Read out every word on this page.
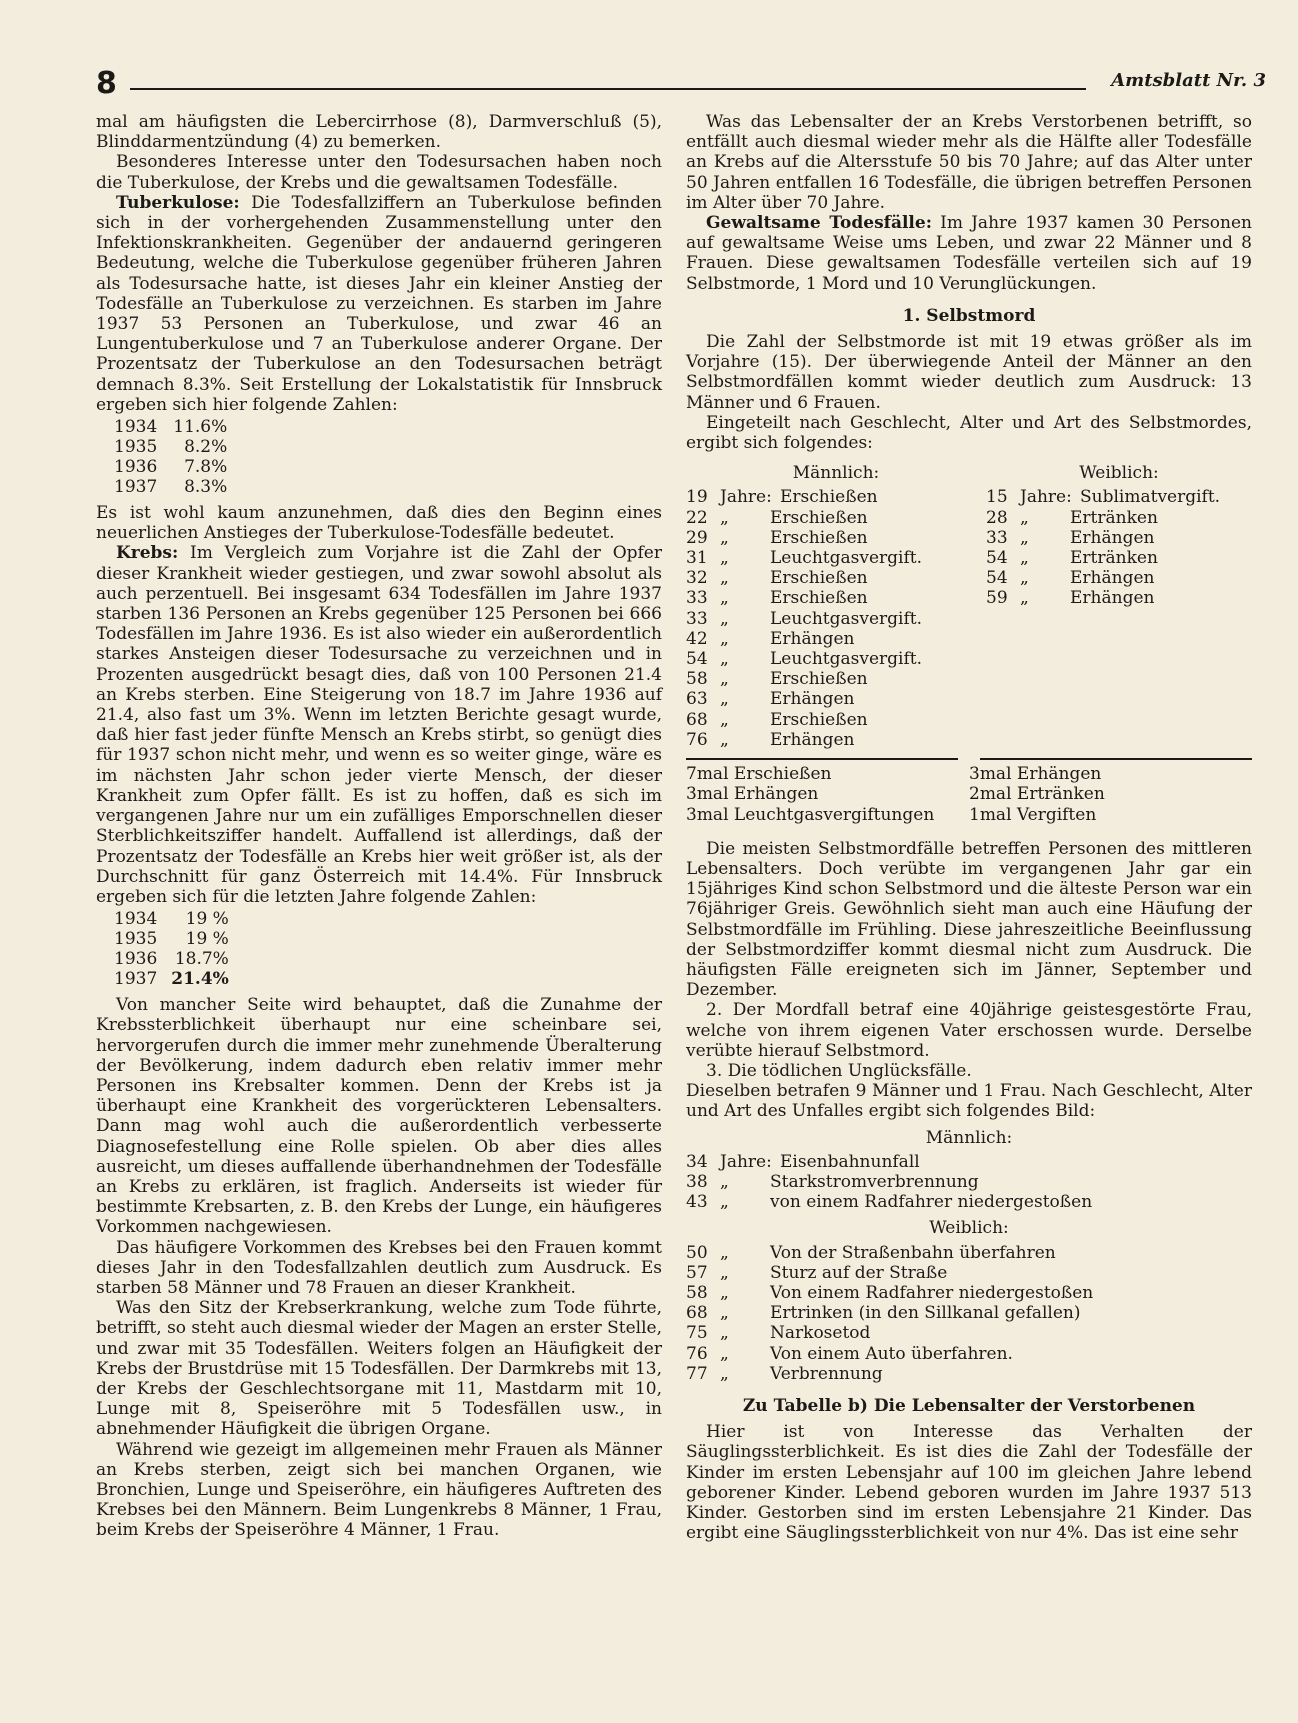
8	Amtsblatt Nr. 3

mal am häufigsten die Lebercirrhose (8), Darmverschluß (5), Blinddarmentzündung (4) zu bemerken.

Besonderes Interesse unter den Todesursachen haben noch die Tuberkulose, der Krebs und die gewaltsamen Todesfälle.

Tuberkulose: Die Todesfallziffern an Tuberkulose befinden sich in der vorhergehenden Zusammenstellung unter den Infektionskrankheiten. Gegenüber der andauernd geringeren Bedeutung, welche die Tuberkulose gegenüber früheren Jahren als Todesursache hatte, ist dieses Jahr ein kleiner Anstieg der Todesfälle an Tuberkulose zu verzeichnen. Es starben im Jahre 1937 53 Personen an Tuberkulose, und zwar 46 an Lungentuberkulose und 7 an Tuberkulose anderer Organe. Der Prozentsatz der Tuberkulose an den Todesursachen beträgt demnach 8.3%. Seit Erstellung der Lokalstatistik für Innsbruck ergeben sich hier folgende Zahlen:

1934	11.6%
1935	8.2%
1936	7.8%
1937	8.3%

Es ist wohl kaum anzunehmen, daß dies den Beginn eines neuerlichen Anstieges der Tuberkulose-Todesfälle bedeutet.

Krebs: Im Vergleich zum Vorjahre ist die Zahl der Opfer dieser Krankheit wieder gestiegen, und zwar sowohl absolut als auch perzentuell. Bei insgesamt 634 Todesfällen im Jahre 1937 starben 136 Personen an Krebs gegenüber 125 Personen bei 666 Todesfällen im Jahre 1936. Es ist also wieder ein außerordentlich starkes Ansteigen dieser Todesursache zu verzeichnen und in Prozenten ausgedrückt besagt dies, daß von 100 Personen 21.4 an Krebs sterben. Eine Steigerung von 18.7 im Jahre 1936 auf 21.4, also fast um 3%. Wenn im letzten Berichte gesagt wurde, daß hier fast jeder fünfte Mensch an Krebs stirbt, so genügt dies für 1937 schon nicht mehr, und wenn es so weiter ginge, wäre es im nächsten Jahr schon jeder vierte Mensch, der dieser Krankheit zum Opfer fällt. Es ist zu hoffen, daß es sich im vergangenen Jahre nur um ein zufälliges Emporschnellen dieser Sterblichkeitsziffer handelt. Auffallend ist allerdings, daß der Prozentsatz der Todesfälle an Krebs hier weit größer ist, als der Durchschnitt für ganz Österreich mit 14.4%. Für Innsbruck ergeben sich für die letzten Jahre folgende Zahlen:

1934	19 %
1935	19 %
1936	18.7%
1937	21.4%

Von mancher Seite wird behauptet, daß die Zunahme der Krebssterblichkeit überhaupt nur eine scheinbare sei, hervorgerufen durch die immer mehr zunehmende Überalterung der Bevölkerung, indem dadurch eben relativ immer mehr Personen ins Krebsalter kommen. Denn der Krebs ist ja überhaupt eine Krankheit des vorgerückteren Lebensalters. Dann mag wohl auch die außerordentlich verbesserte Diagnosefestellung eine Rolle spielen. Ob aber dies alles ausreicht, um dieses auffallende überhandnehmen der Todesfälle an Krebs zu erklären, ist fraglich. Anderseits ist wieder für bestimmte Krebsarten, z. B. den Krebs der Lunge, ein häufigeres Vorkommen nachgewiesen.

Das häufigere Vorkommen des Krebses bei den Frauen kommt dieses Jahr in den Todesfallzahlen deutlich zum Ausdruck. Es starben 58 Männer und 78 Frauen an dieser Krankheit.

Was den Sitz der Krebserkrankung, welche zum Tode führte, betrifft, so steht auch diesmal wieder der Magen an erster Stelle, und zwar mit 35 Todesfällen. Weiters folgen an Häufigkeit der Krebs der Brustdrüse mit 15 Todesfällen. Der Darmkrebs mit 13, der Krebs der Geschlechtsorgane mit 11, Mastdarm mit 10, Lunge mit 8, Speiseröhre mit 5 Todesfällen usw., in abnehmender Häufigkeit die übrigen Organe.

Während wie gezeigt im allgemeinen mehr Frauen als Männer an Krebs sterben, zeigt sich bei manchen Organen, wie Bronchien, Lunge und Speiseröhre, ein häufigeres Auftreten des Krebses bei den Männern. Beim Lungenkrebs 8 Männer, 1 Frau, beim Krebs der Speiseröhre 4 Männer, 1 Frau.

Was das Lebensalter der an Krebs Verstorbenen betrifft, so entfällt auch diesmal wieder mehr als die Hälfte aller Todesfälle an Krebs auf die Altersstufe 50 bis 70 Jahre; auf das Alter unter 50 Jahren entfallen 16 Todesfälle, die übrigen betreffen Personen im Alter über 70 Jahre.

Gewaltsame Todesfälle: Im Jahre 1937 kamen 30 Personen auf gewaltsame Weise ums Leben, und zwar 22 Männer und 8 Frauen. Diese gewaltsamen Todesfälle verteilen sich auf 19 Selbstmorde, 1 Mord und 10 Verunglückungen.

1. Selbstmord

Die Zahl der Selbstmorde ist mit 19 etwas größer als im Vorjahre (15). Der überwiegende Anteil der Männer an den Selbstmordfällen kommt wieder deutlich zum Ausdruck: 13 Männer und 6 Frauen.

Eingeteilt nach Geschlecht, Alter und Art des Selbstmordes, ergibt sich folgendes:

Männlich:
19 Jahre: Erschießen
22 „	Erschießen
29 „	Erschießen
31 „	Leuchtgasvergift.
32 „	Erschießen
33 „	Erschießen
33 „	Leuchtgasvergift.
42 „	Erhängen
54 „	Leuchtgasvergift.
58 „	Erschießen
63 „	Erhängen
68 „	Erschießen
76 „	Erhängen
Weiblich:
15 Jahre: Sublimatvergift.
28 „	Ertränken
33 „	Erhängen
54 „	Ertränken
54 „	Erhängen
59 „	Erhängen
7mal Erschießen	3mal Erhängen
3mal Erhängen	2mal Ertränken
3mal Leuchtgasvergiftungen	1mal Vergiften

Die meisten Selbstmordfälle betreffen Personen des mittleren Lebensalters. Doch verübte im vergangenen Jahr gar ein 15jähriges Kind schon Selbstmord und die älteste Person war ein 76jähriger Greis. Gewöhnlich sieht man auch eine Häufung der Selbstmordfälle im Frühling. Diese jahreszeitliche Beeinflussung der Selbstmordziffer kommt diesmal nicht zum Ausdruck. Die häufigsten Fälle ereigneten sich im Jänner, September und Dezember.

2. Der Mordfall betraf eine 40jährige geistesgestörte Frau, welche von ihrem eigenen Vater erschossen wurde. Derselbe verübte hierauf Selbstmord.

3. Die tödlichen Unglücksfälle.

Dieselben betrafen 9 Männer und 1 Frau. Nach Geschlecht, Alter und Art des Unfalles ergibt sich folgendes Bild:

Männlich:
34 Jahre: Eisenbahnunfall
38 „	Starkstromverbrennung
43 „	von einem Radfahrer niedergestoßen
Weiblich:
50 „	Von der Straßenbahn überfahren
57 „	Sturz auf der Straße
58 „	Von einem Radfahrer niedergestoßen
68 „	Ertrinken (in den Sillkanal gefallen)
75 „	Narkosetod
76 „	Von einem Auto überfahren.
77 „	Verbrennung
Zu Tabelle b) Die Lebensalter der Verstorbenen

Hier ist von Interesse das Verhalten der Säuglingssterblichkeit. Es ist dies die Zahl der Todesfälle der Kinder im ersten Lebensjahr auf 100 im gleichen Jahre lebend geborener Kinder. Lebend geboren wurden im Jahre 1937 513 Kinder. Gestorben sind im ersten Lebensjahre 21 Kinder. Das ergibt eine Säuglingssterblichkeit von nur 4%. Das ist eine sehr
